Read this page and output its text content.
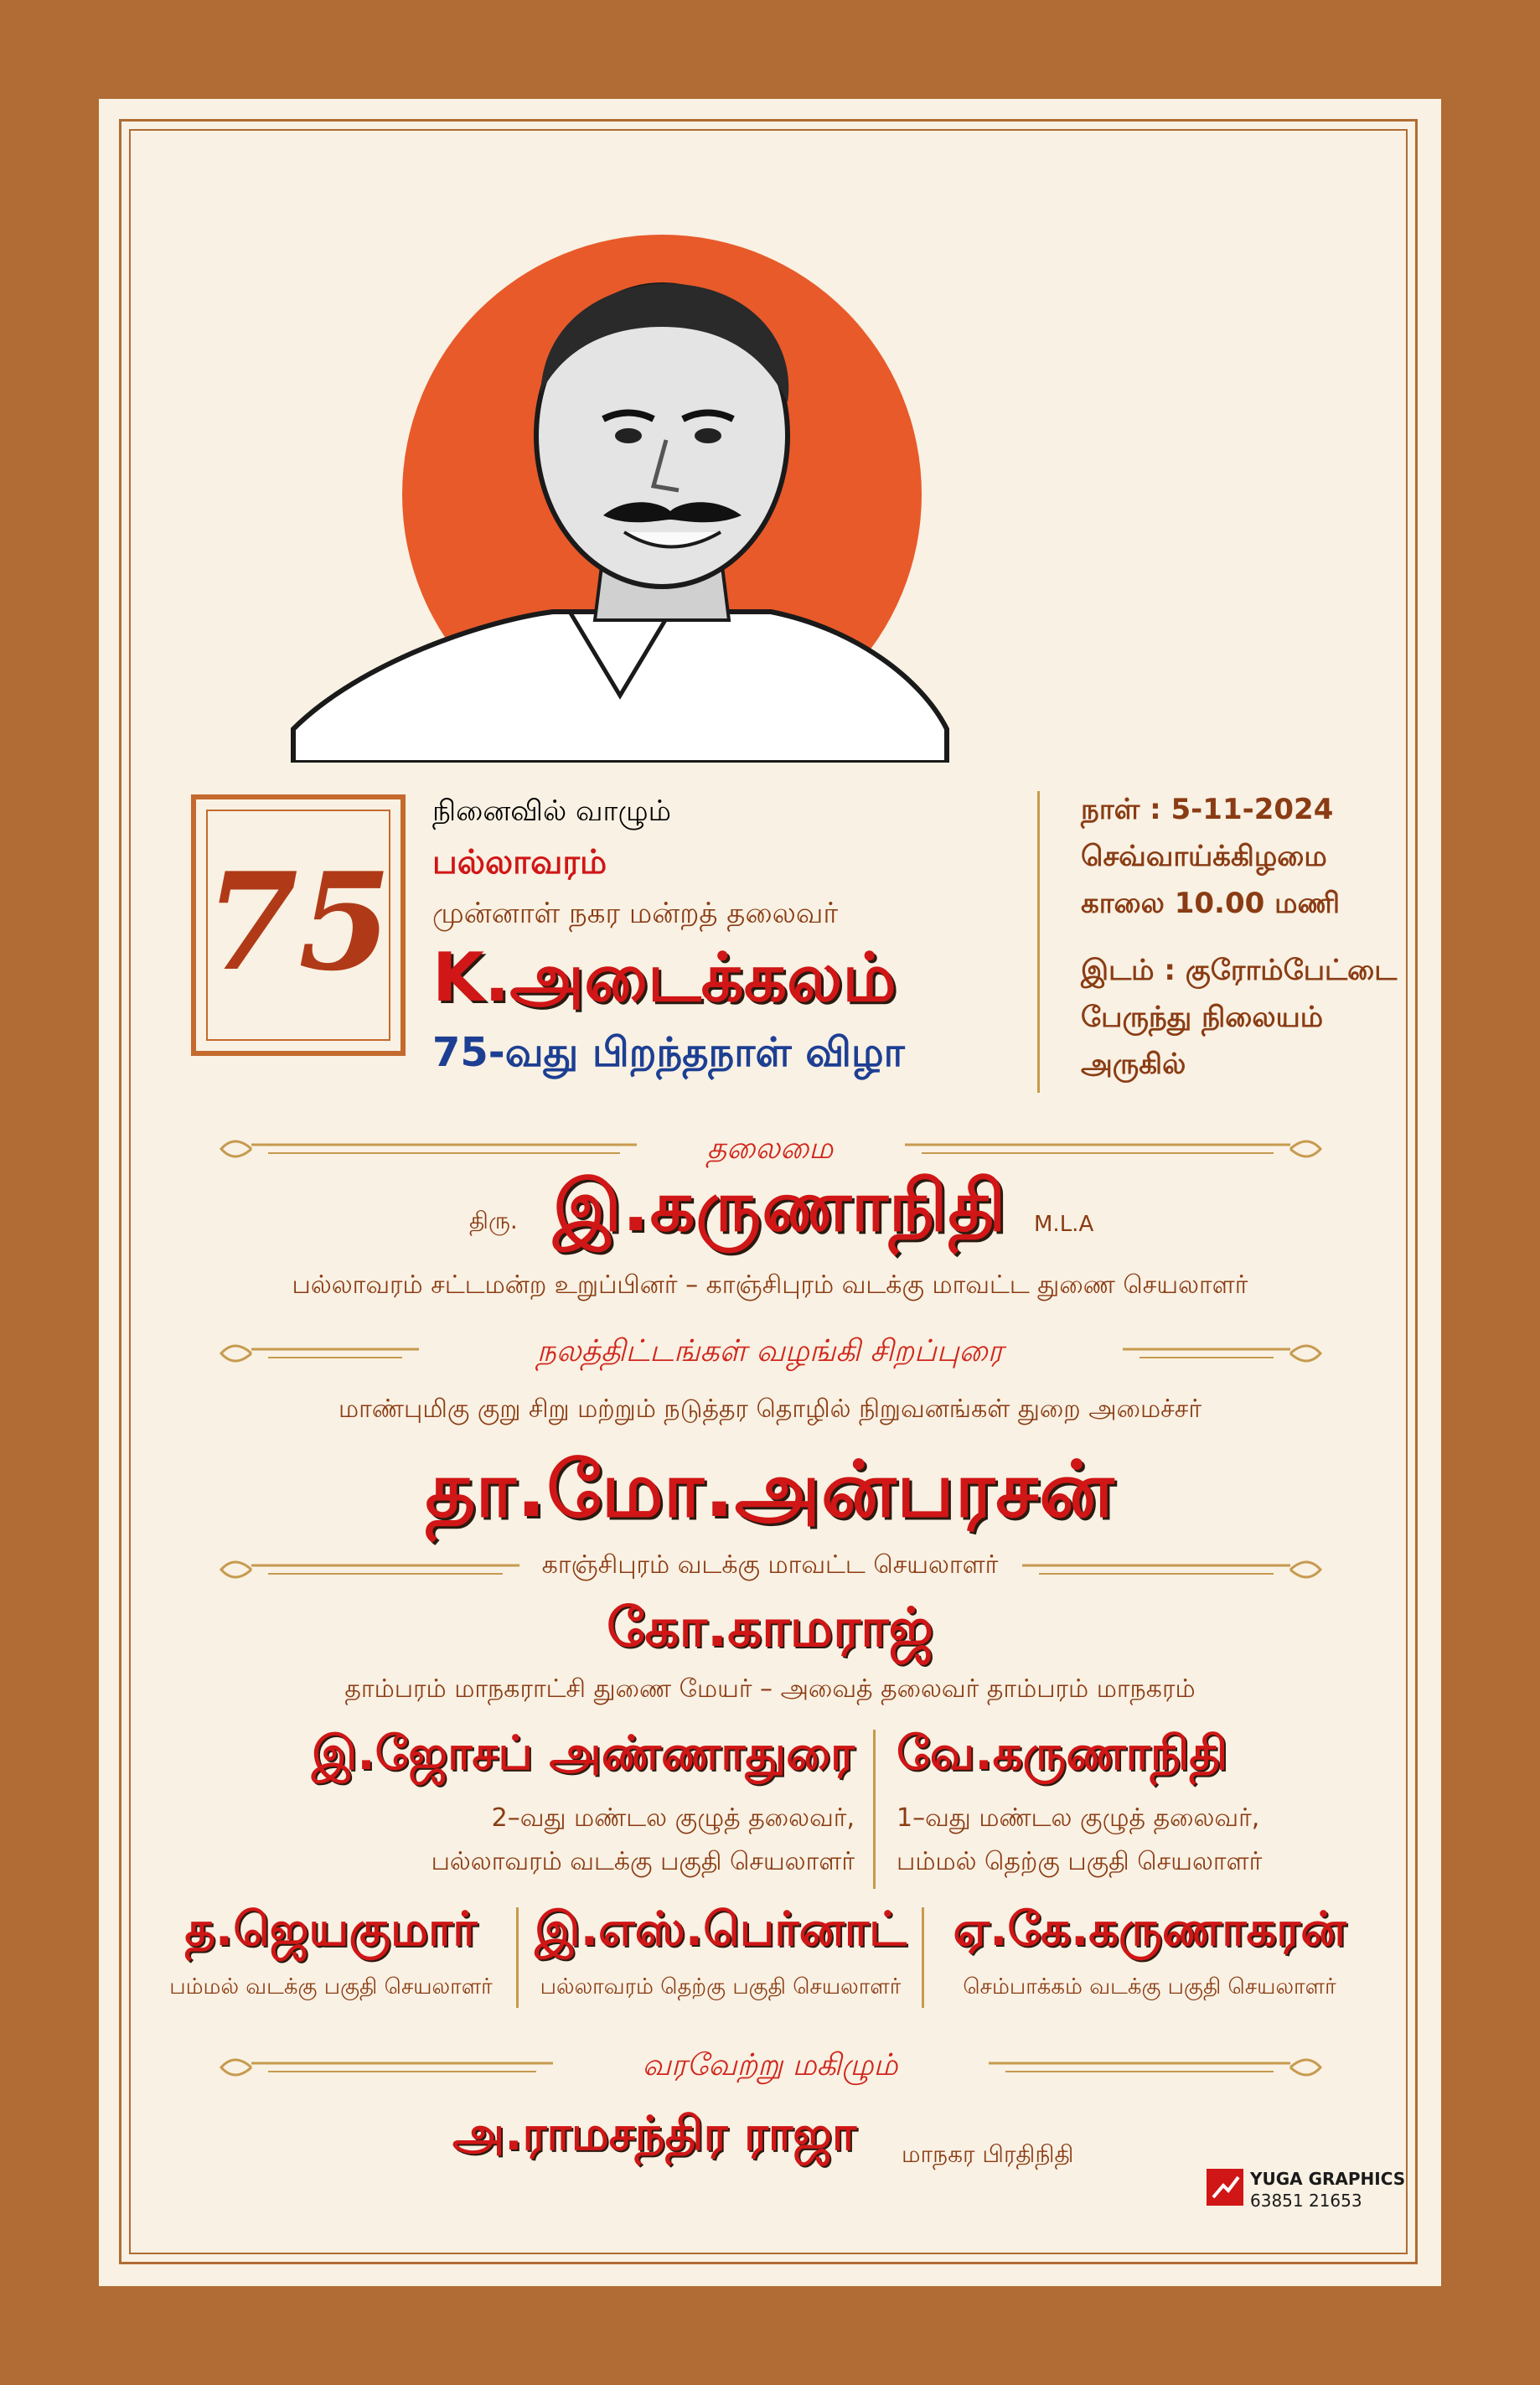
75
நினைவில் வாழும்
பல்லாவரம்
முன்னாள் நகர மன்றத் தலைவர்
K.அடைக்கலம்
75-வது பிறந்தநாள் விழா
நாள் : 5-11-2024
செவ்வாய்க்கிழமை
காலை 10.00 மணி
இடம் : குரோம்பேட்டை
பேருந்து நிலையம்
அருகில்
தலைமை
திரு. இ.கருணாநிதி M.L.A
பல்லாவரம் சட்டமன்ற உறுப்பினர் – காஞ்சிபுரம் வடக்கு மாவட்ட துணை செயலாளர்
நலத்திட்டங்கள் வழங்கி சிறப்புரை
மாண்புமிகு குறு சிறு மற்றும் நடுத்தர தொழில் நிறுவனங்கள் துறை அமைச்சர்
தா.மோ.அன்பரசன்
காஞ்சிபுரம் வடக்கு மாவட்ட செயலாளர்
கோ.காமராஜ்
தாம்பரம் மாநகராட்சி துணை மேயர் – அவைத் தலைவர் தாம்பரம் மாநகரம்
இ.ஜோசப் அண்ணாதுரை
2–வது மண்டல குழுத் தலைவர்,
பல்லாவரம் வடக்கு பகுதி செயலாளர்
வே.கருணாநிதி
1–வது மண்டல குழுத் தலைவர்,
பம்மல் தெற்கு பகுதி செயலாளர்
த.ஜெயகுமார்
பம்மல் வடக்கு பகுதி செயலாளர்
இ.எஸ்.பெர்னாட்
பல்லாவரம் தெற்கு பகுதி செயலாளர்
ஏ.கே.கருணாகரன்
செம்பாக்கம் வடக்கு பகுதி செயலாளர்
வரவேற்று மகிழும்
அ.ராமசந்திர ராஜா மாநகர பிரதிநிதி
YUGA GRAPHICS
63851 21653
